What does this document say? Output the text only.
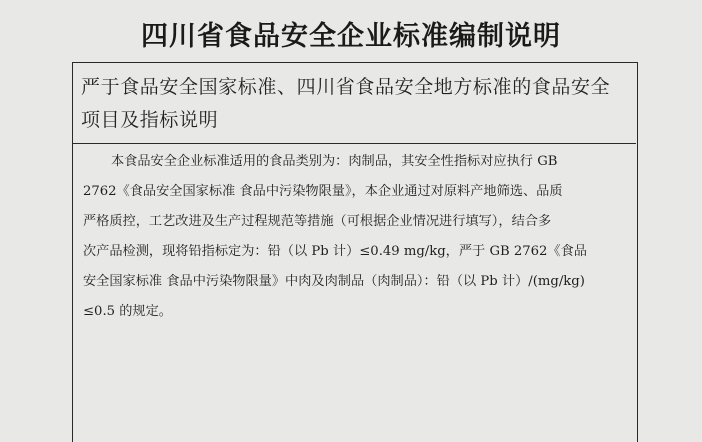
四川省食品安全企业标准编制说明
严于食品安全国家标准、四川省食品安全地方标准的食品安全
项目及指标说明
本食品安全企业标准适用的食品类别为：肉制品，其安全性指标对应执行 GB
2762《食品安全国家标准 食品中污染物限量》，本企业通过对原料产地筛选、品质
严格质控，工艺改进及生产过程规范等措施（可根据企业情况进行填写），结合多
次产品检测，现将铅指标定为：铅（以 Pb 计）≤0.49 mg/kg，严于 GB 2762《食品
安全国家标准 食品中污染物限量》中肉及肉制品（肉制品）：铅（以 Pb 计）/(mg/kg)
≤0.5 的规定。
